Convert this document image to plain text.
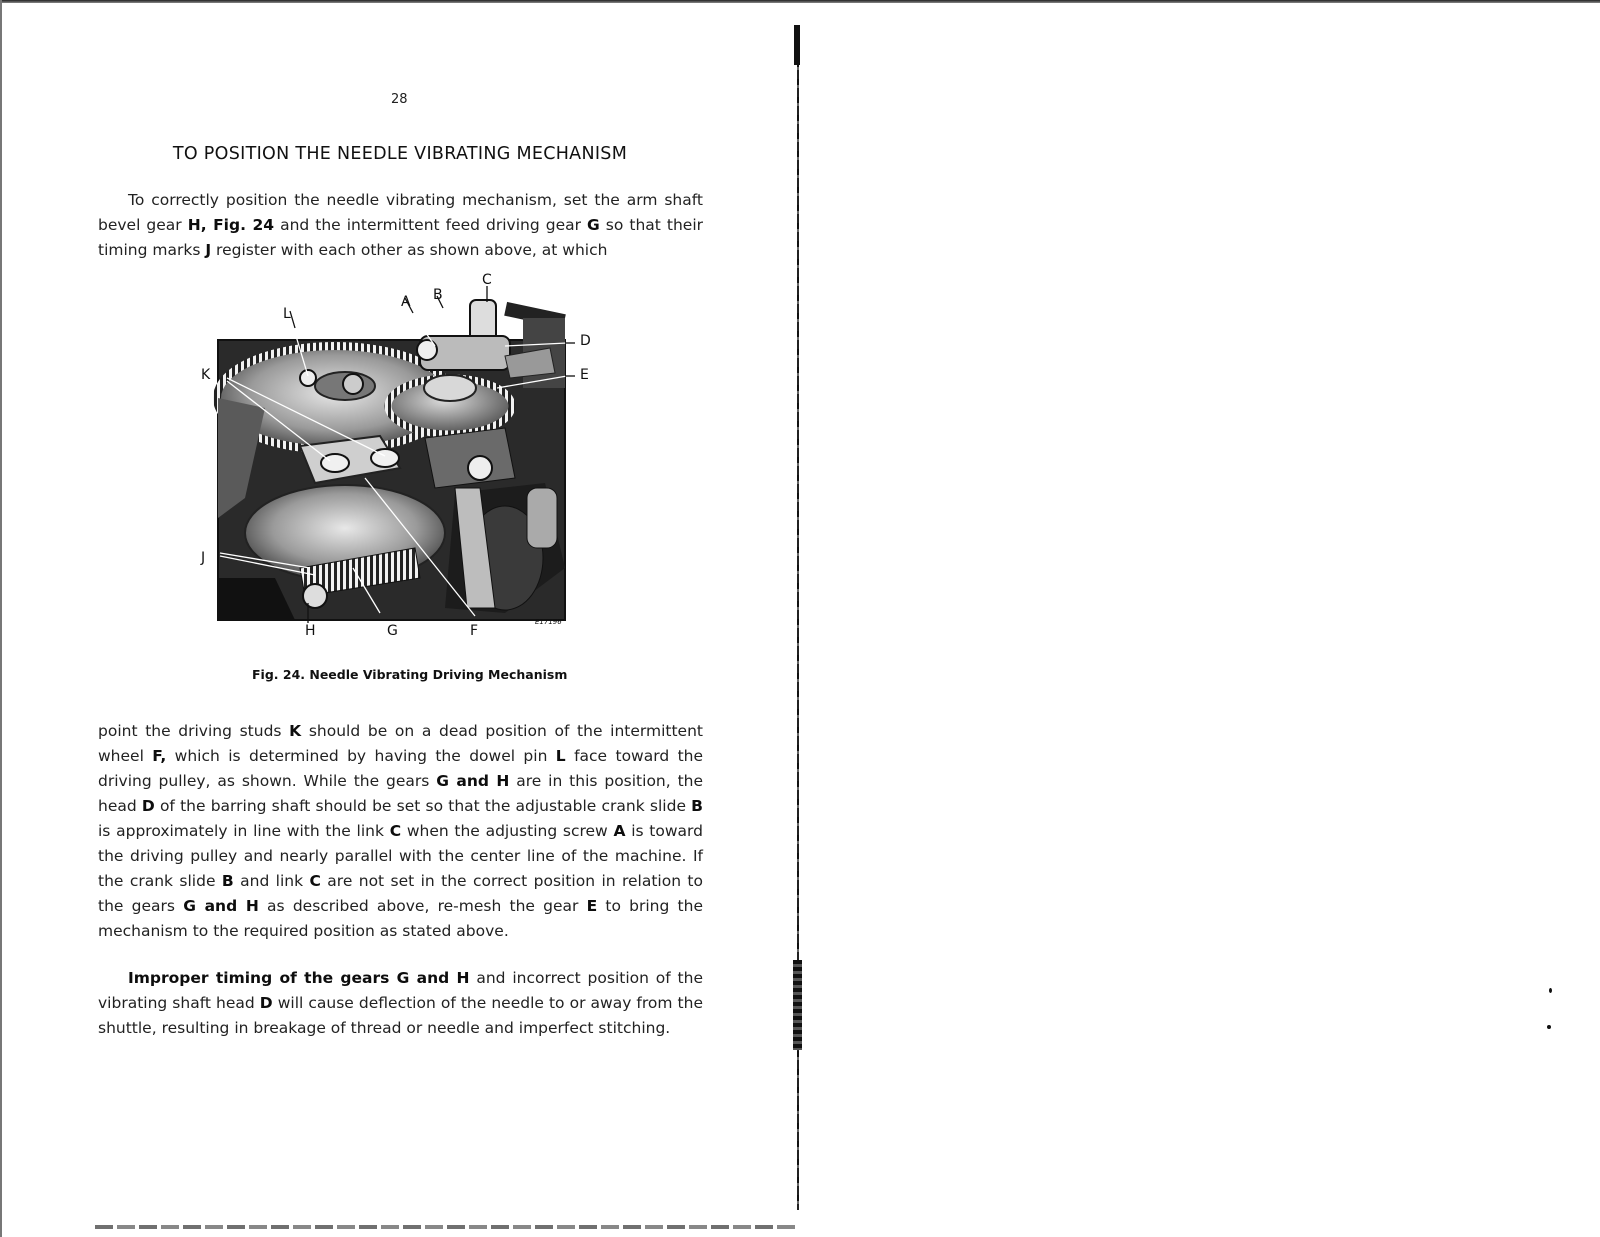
28
TO POSITION THE NEEDLE VIBRATING MECHANISM
To correctly position the needle vibrating mechanism, set the arm shaft bevel gear H, Fig. 24 and the intermittent feed driving gear G so that their timing marks J register with each other as shown above, at which
C
B
A
L
D
K	E
J
H	G	F
E17196
Fig. 24. Needle Vibrating Driving Mechanism
point the driving studs K should be on a dead position of the intermittent wheel F, which is determined by having the dowel pin L face toward the driving pulley, as shown. While the gears G and H are in this position, the head D of the barring shaft should be set so that the adjustable crank slide B is approximately in line with the link C when the adjusting screw A is toward the driving pulley and nearly parallel with the center line of the machine. If the crank slide B and link C are not set in the correct position in relation to the gears G and H as described above, re-mesh the gear E to bring the mechanism to the required position as stated above.
Improper timing of the gears G and H and incorrect position of the vibrating shaft head D will cause deflection of the needle to or away from the shuttle, resulting in breakage of thread or needle and imperfect stitching.
